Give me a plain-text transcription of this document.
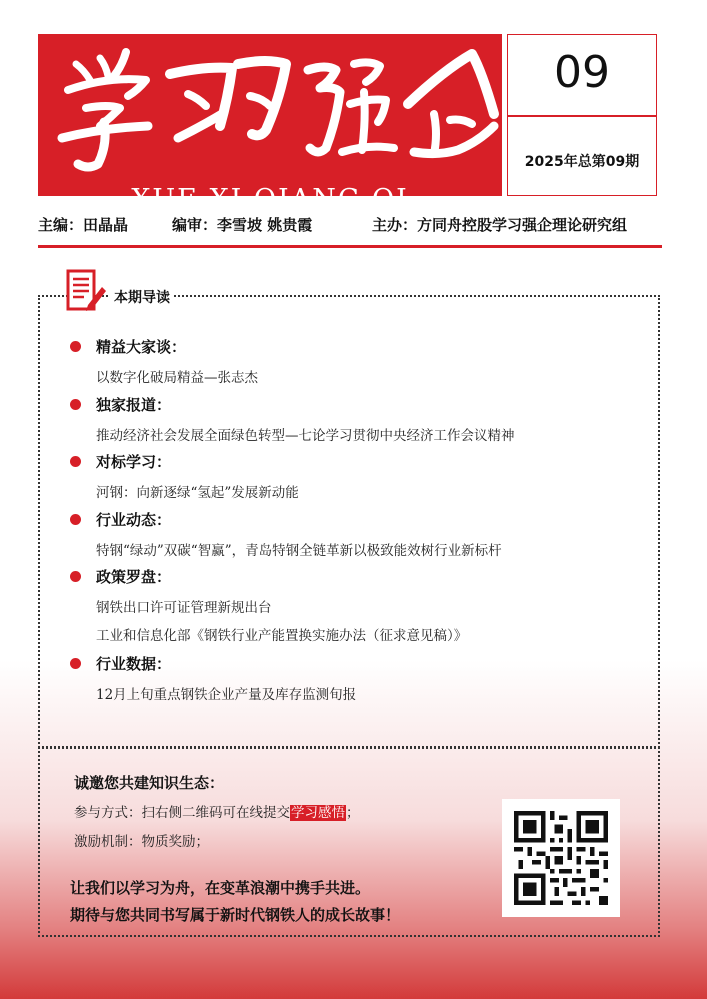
XUE XI QIANG QI
09
2025年总第09期
主编：田晶晶	编审：李雪坡 姚贵霞	主办：方同舟控股学习强企理论研究组
本期导读
精益大家谈：
以数字化破局精益—张志杰
独家报道：
推动经济社会发展全面绿色转型—七论学习贯彻中央经济工作会议精神
对标学习：
河钢：向新逐绿“氢起”发展新动能
行业动态：
特钢“绿动”双碳“智赢”，青岛特钢全链革新以极致能效树行业新标杆
政策罗盘：
钢铁出口许可证管理新规出台
工业和信息化部《钢铁行业产能置换实施办法（征求意见稿）》
行业数据：
12月上旬重点钢铁企业产量及库存监测旬报
诚邀您共建知识生态：
参与方式：扫右侧二维码可在线提交学习感悟；
激励机制：物质奖励；
让我们以学习为舟，在变革浪潮中携手共进。
期待与您共同书写属于新时代钢铁人的成长故事！
